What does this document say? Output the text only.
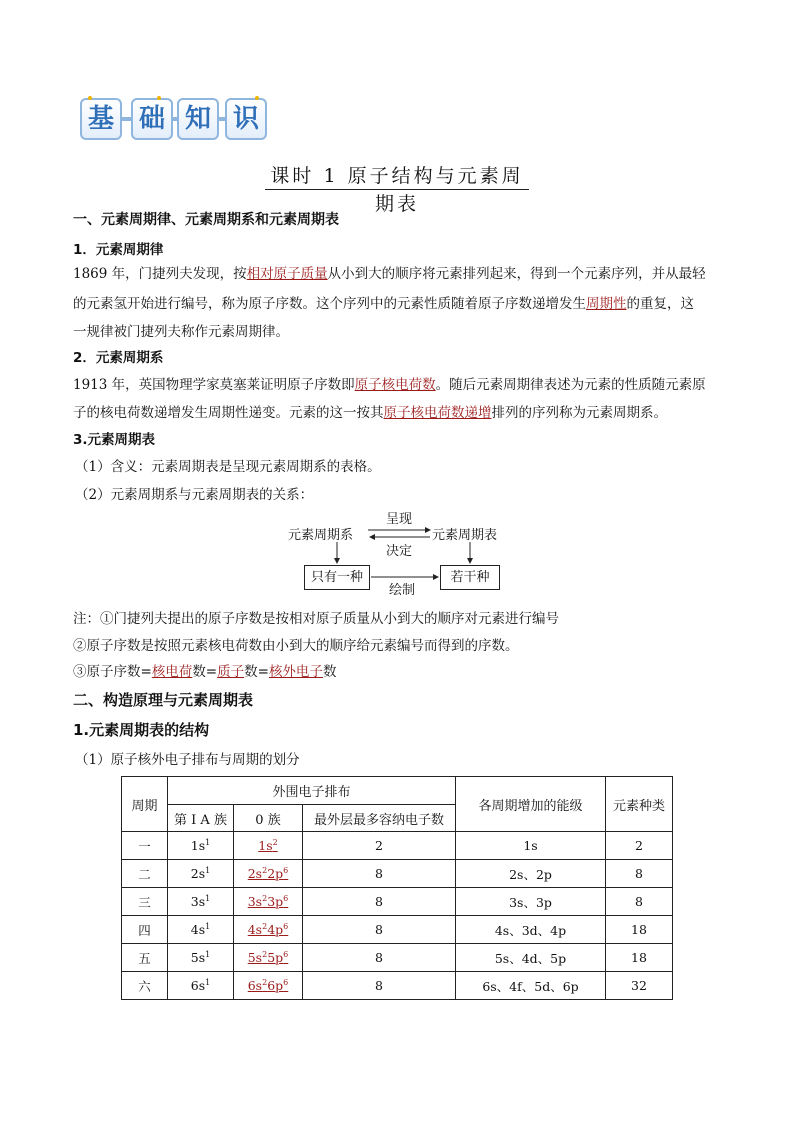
基 础 知 识
课时 1 原子结构与元素周期表
一、元素周期律、元素周期系和元素周期表
1．元素周期律
1869 年，门捷列夫发现，按相对原子质量从小到大的顺序将元素排列起来，得到一个元素序列，并从最轻
的元素氢开始进行编号，称为原子序数。这个序列中的元素性质随着原子序数递增发生周期性的重复，这
一规律被门捷列夫称作元素周期律。
2．元素周期系
1913 年，英国物理学家莫塞莱证明原子序数即原子核电荷数。随后元素周期律表述为元素的性质随元素原
子的核电荷数递增发生周期性递变。元素的这一按其原子核电荷数递增排列的序列称为元素周期系。
3.元素周期表
（1）含义：元素周期表是呈现元素周期系的表格。
（2）元素周期系与元素周期表的关系：
元素周期系	元素周期表
呈现
决定
只有一种	若干种
绘制
注：①门捷列夫提出的原子序数是按相对原子质量从小到大的顺序对元素进行编号
②原子序数是按照元素核电荷数由小到大的顺序给元素编号而得到的序数。
③原子序数=核电荷数=质子数=核外电子数
二、构造原理与元素周期表
1.元素周期表的结构
（1）原子核外电子排布与周期的划分
周期	外围电子排布			各周期增加的能级	元素种类
	第 I A 族	0 族	最外层最多容纳电子数		
一	$1s^1$	$1s^2$	2	1s	2
二	$2s^1$	$2s^22p^6$	8	2s、2p	8
三	$3s^1$	$3s^23p^6$	8	3s、3p	8
四	$4s^1$	$4s^24p^6$	8	4s、3d、4p	18
五	$5s^1$	$5s^25p^6$	8	5s、4d、5p	18
六	$6s^1$	$6s^26p^6$	8	6s、4f、5d、6p	32
